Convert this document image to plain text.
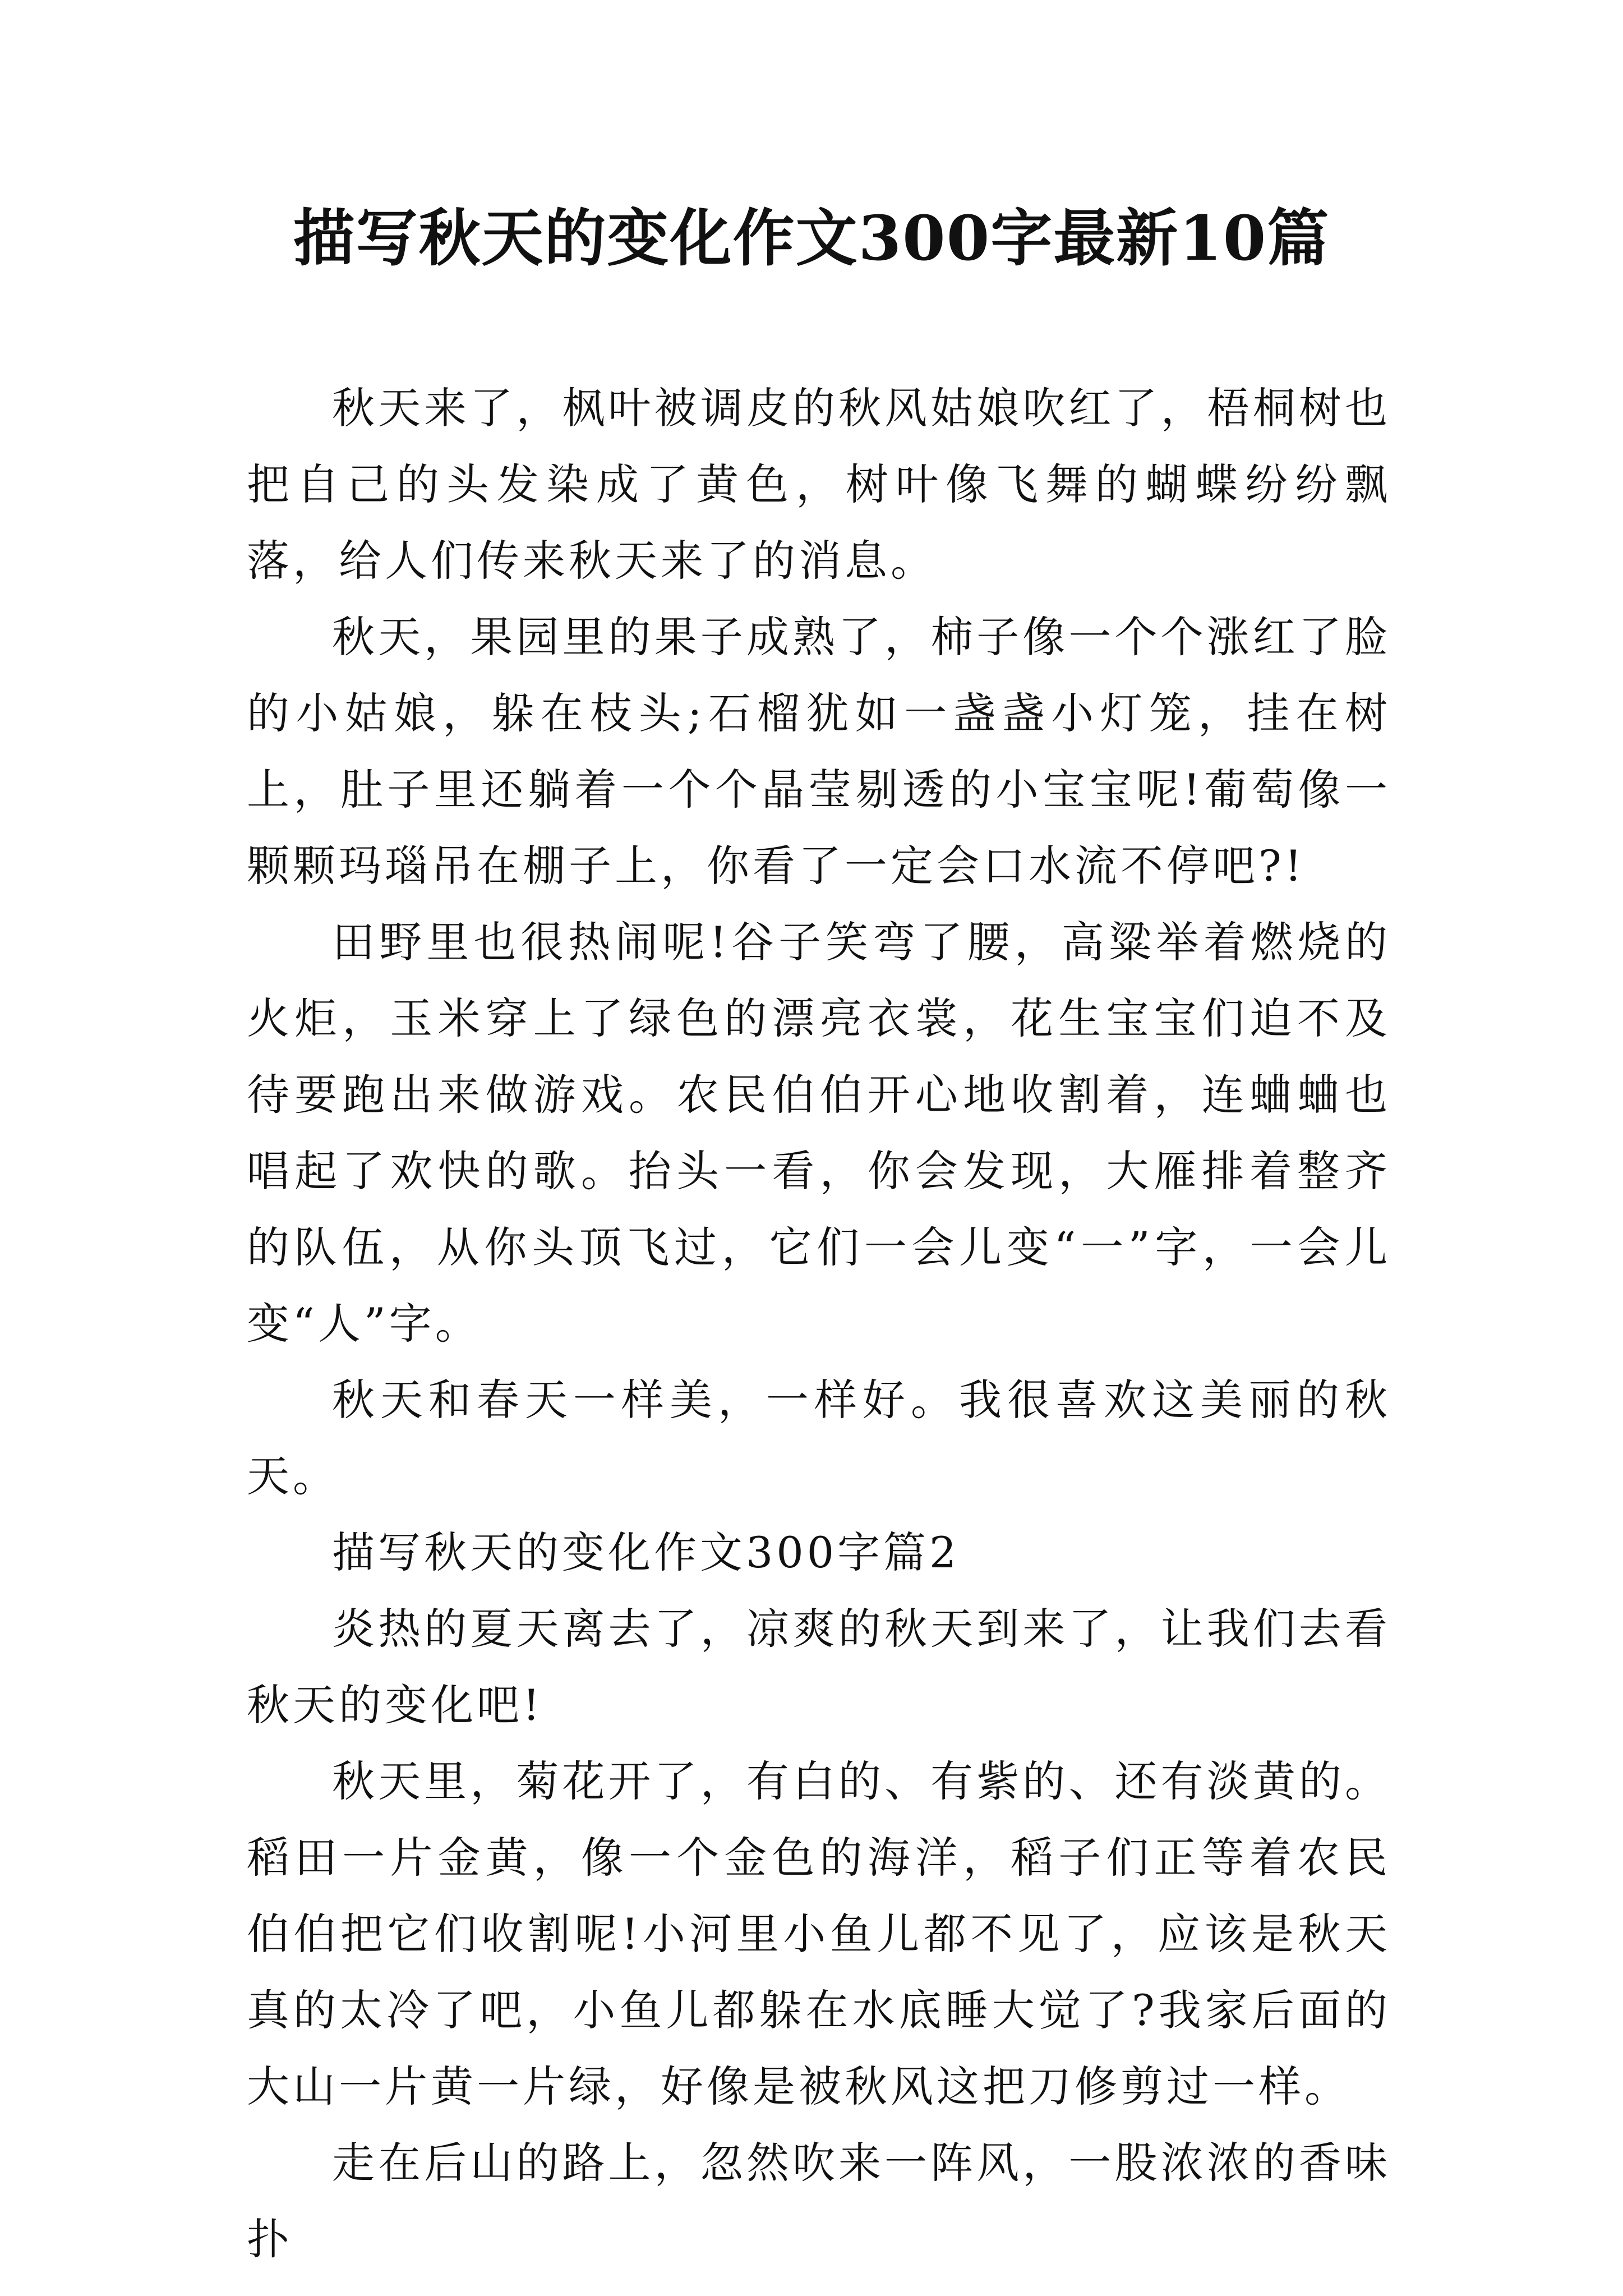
描写秋天的变化作文300字最新10篇

秋天来了，枫叶被调皮的秋风姑娘吹红了，梧桐树也把自己的头发染成了黄色，树叶像飞舞的蝴蝶纷纷飘落，给人们传来秋天来了的消息。

秋天，果园里的果子成熟了，柿子像一个个涨红了脸的小姑娘，躲在枝头;石榴犹如一盏盏小灯笼，挂在树上，肚子里还躺着一个个晶莹剔透的小宝宝呢!葡萄像一颗颗玛瑙吊在棚子上，你看了一定会口水流不停吧?!

田野里也很热闹呢!谷子笑弯了腰，高粱举着燃烧的火炬，玉米穿上了绿色的漂亮衣裳，花生宝宝们迫不及待要跑出来做游戏。农民伯伯开心地收割着，连蛐蛐也唱起了欢快的歌。抬头一看，你会发现，大雁排着整齐的队伍，从你头顶飞过，它们一会儿变“一”字，一会儿变“人”字。

秋天和春天一样美，一样好。我很喜欢这美丽的秋天。

描写秋天的变化作文300字篇2

炎热的夏天离去了，凉爽的秋天到来了，让我们去看秋天的变化吧!

秋天里，菊花开了，有白的、有紫的、还有淡黄的。稻田一片金黄，像一个金色的海洋，稻子们正等着农民伯伯把它们收割呢!小河里小鱼儿都不见了，应该是秋天真的太冷了吧，小鱼儿都躲在水底睡大觉了?我家后面的大山一片黄一片绿，好像是被秋风这把刀修剪过一样。

走在后山的路上，忽然吹来一阵风，一股浓浓的香味扑
